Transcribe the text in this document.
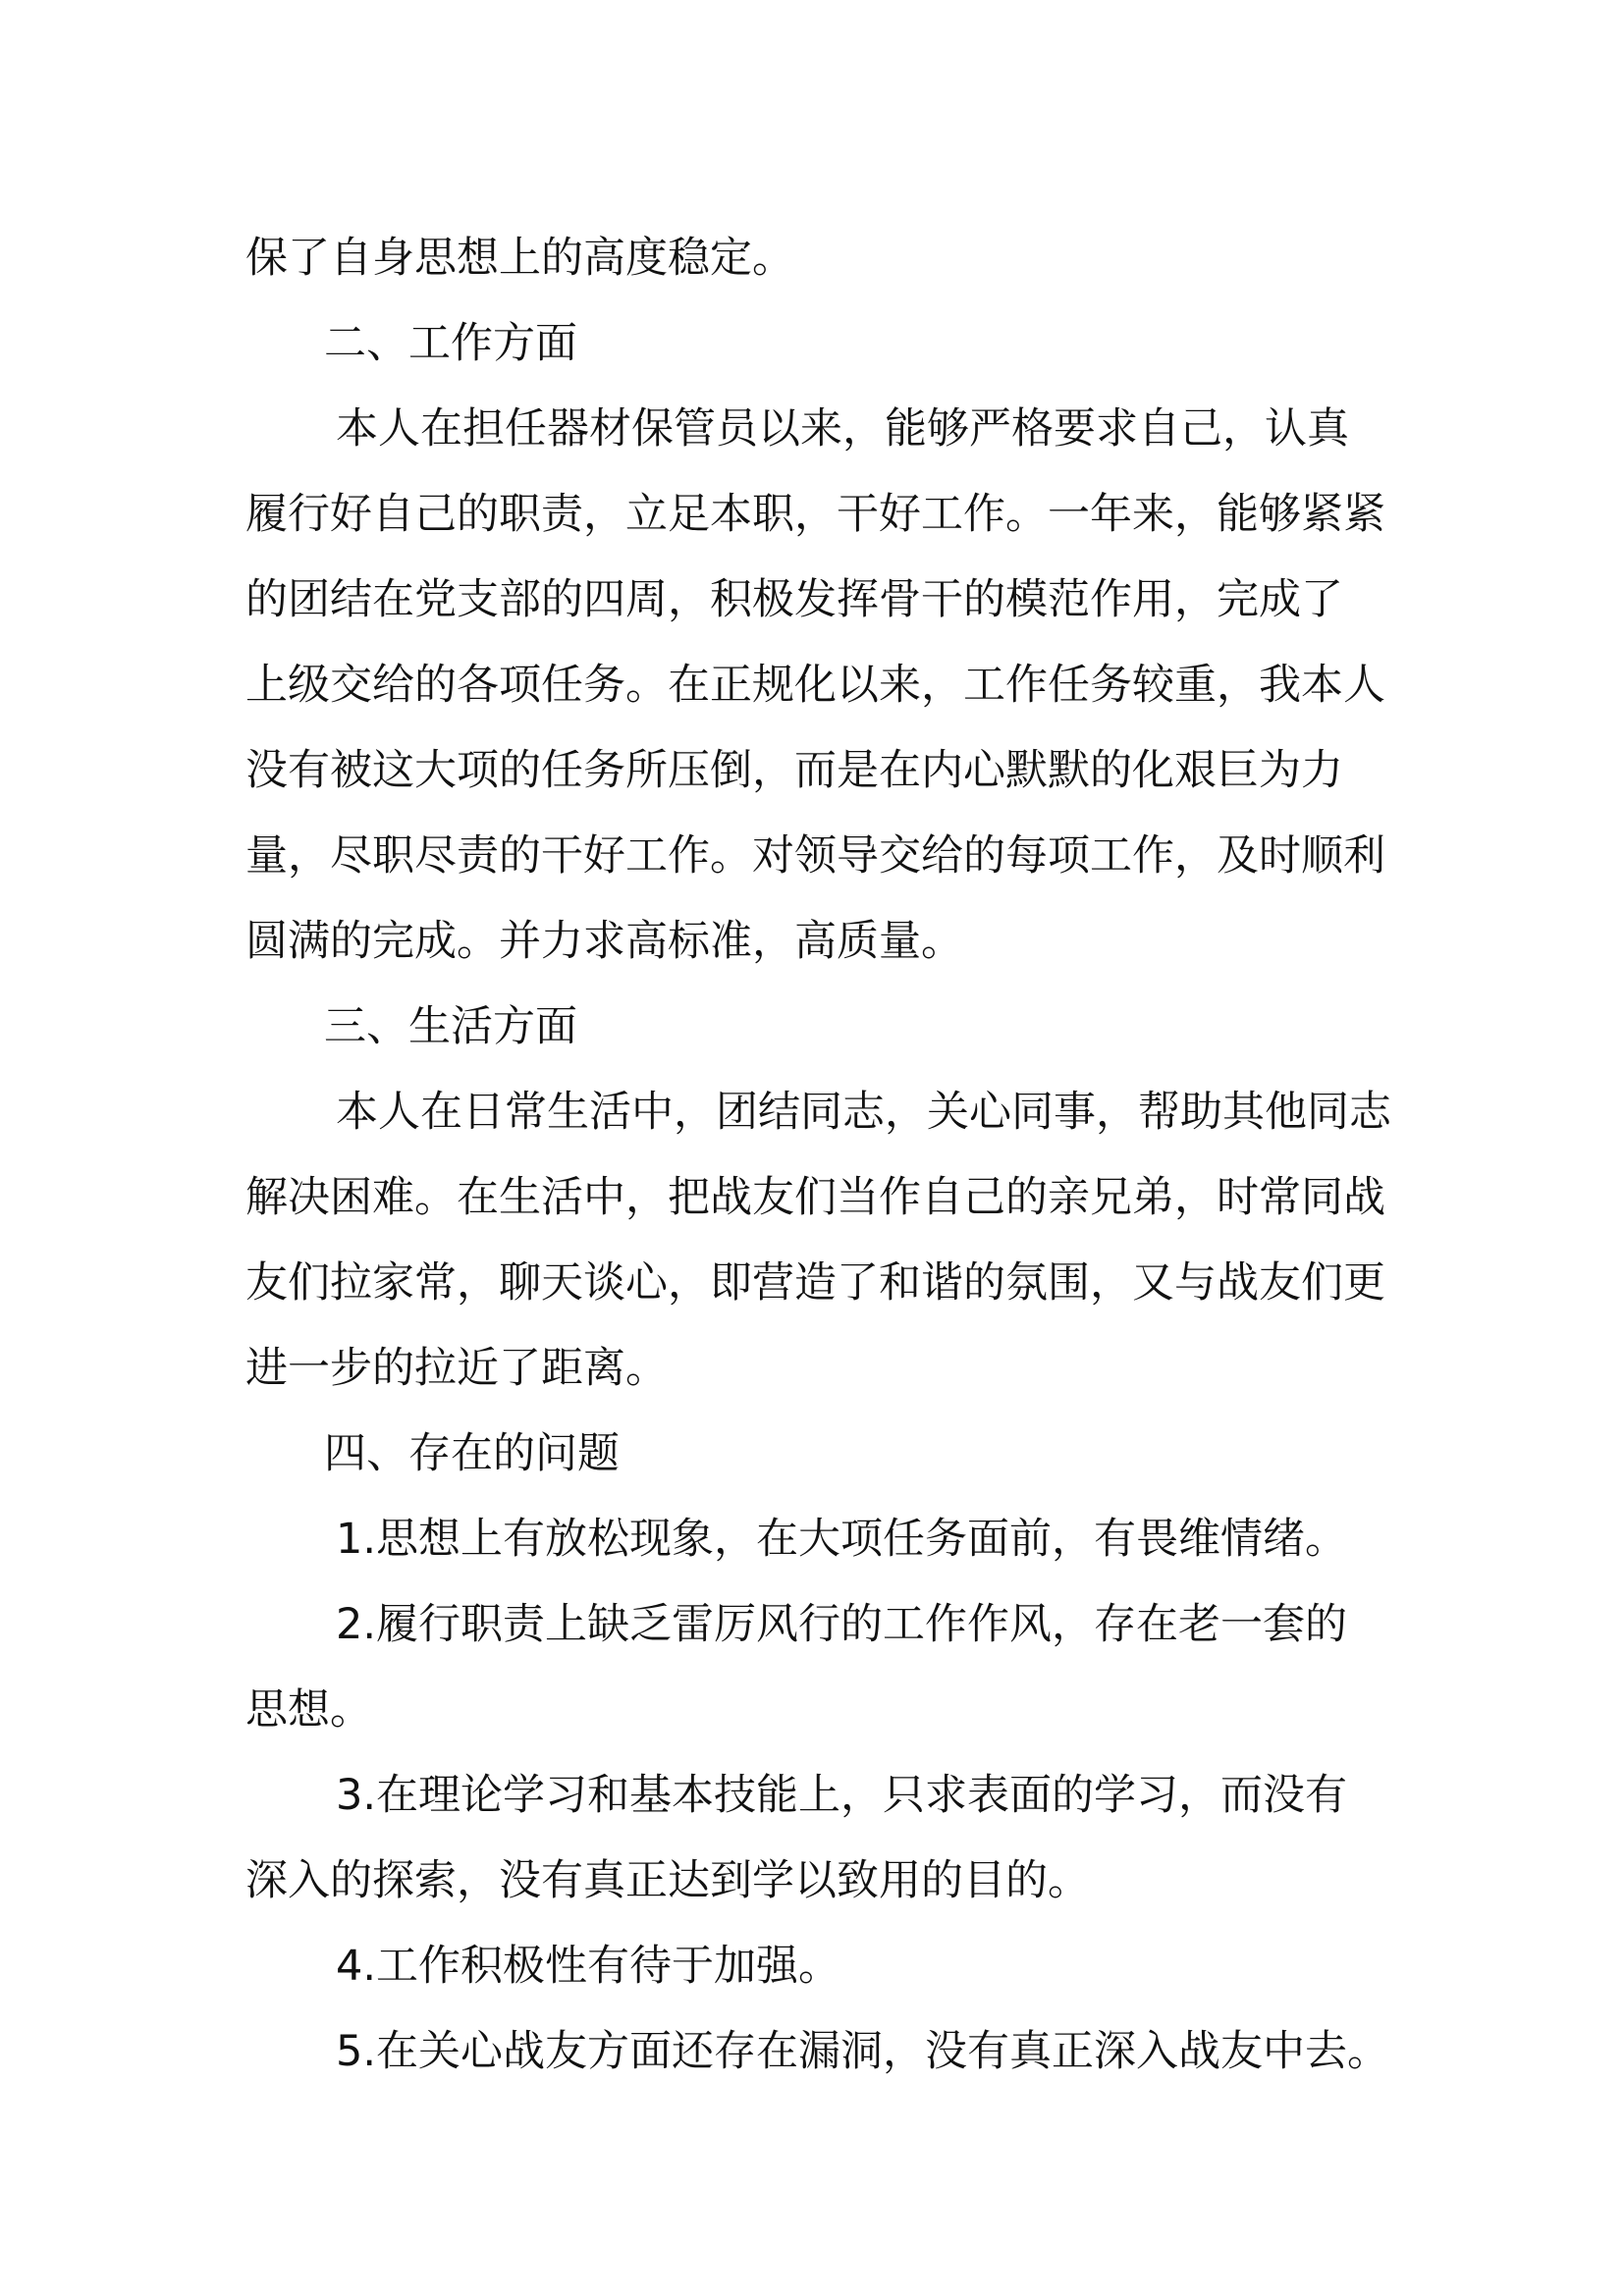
保了自身思想上的高度稳定。
二、工作方面
本人在担任器材保管员以来，能够严格要求自己，认真
履行好自己的职责，立足本职，干好工作。一年来，能够紧紧
的团结在党支部的四周，积极发挥骨干的模范作用，完成了
上级交给的各项任务。在正规化以来，工作任务较重，我本人
没有被这大项的任务所压倒，而是在内心默默的化艰巨为力
量，尽职尽责的干好工作。对领导交给的每项工作，及时顺利
圆满的完成。并力求高标准，高质量。
三、生活方面
本人在日常生活中，团结同志，关心同事，帮助其他同志
解决困难。在生活中，把战友们当作自己的亲兄弟，时常同战
友们拉家常，聊天谈心，即营造了和谐的氛围，又与战友们更
进一步的拉近了距离。
四、存在的问题
1.思想上有放松现象，在大项任务面前，有畏维情绪。
2.履行职责上缺乏雷厉风行的工作作风，存在老一套的
思想。
3.在理论学习和基本技能上，只求表面的学习，而没有
深入的探索，没有真正达到学以致用的目的。
4.工作积极性有待于加强。
5.在关心战友方面还存在漏洞，没有真正深入战友中去。
